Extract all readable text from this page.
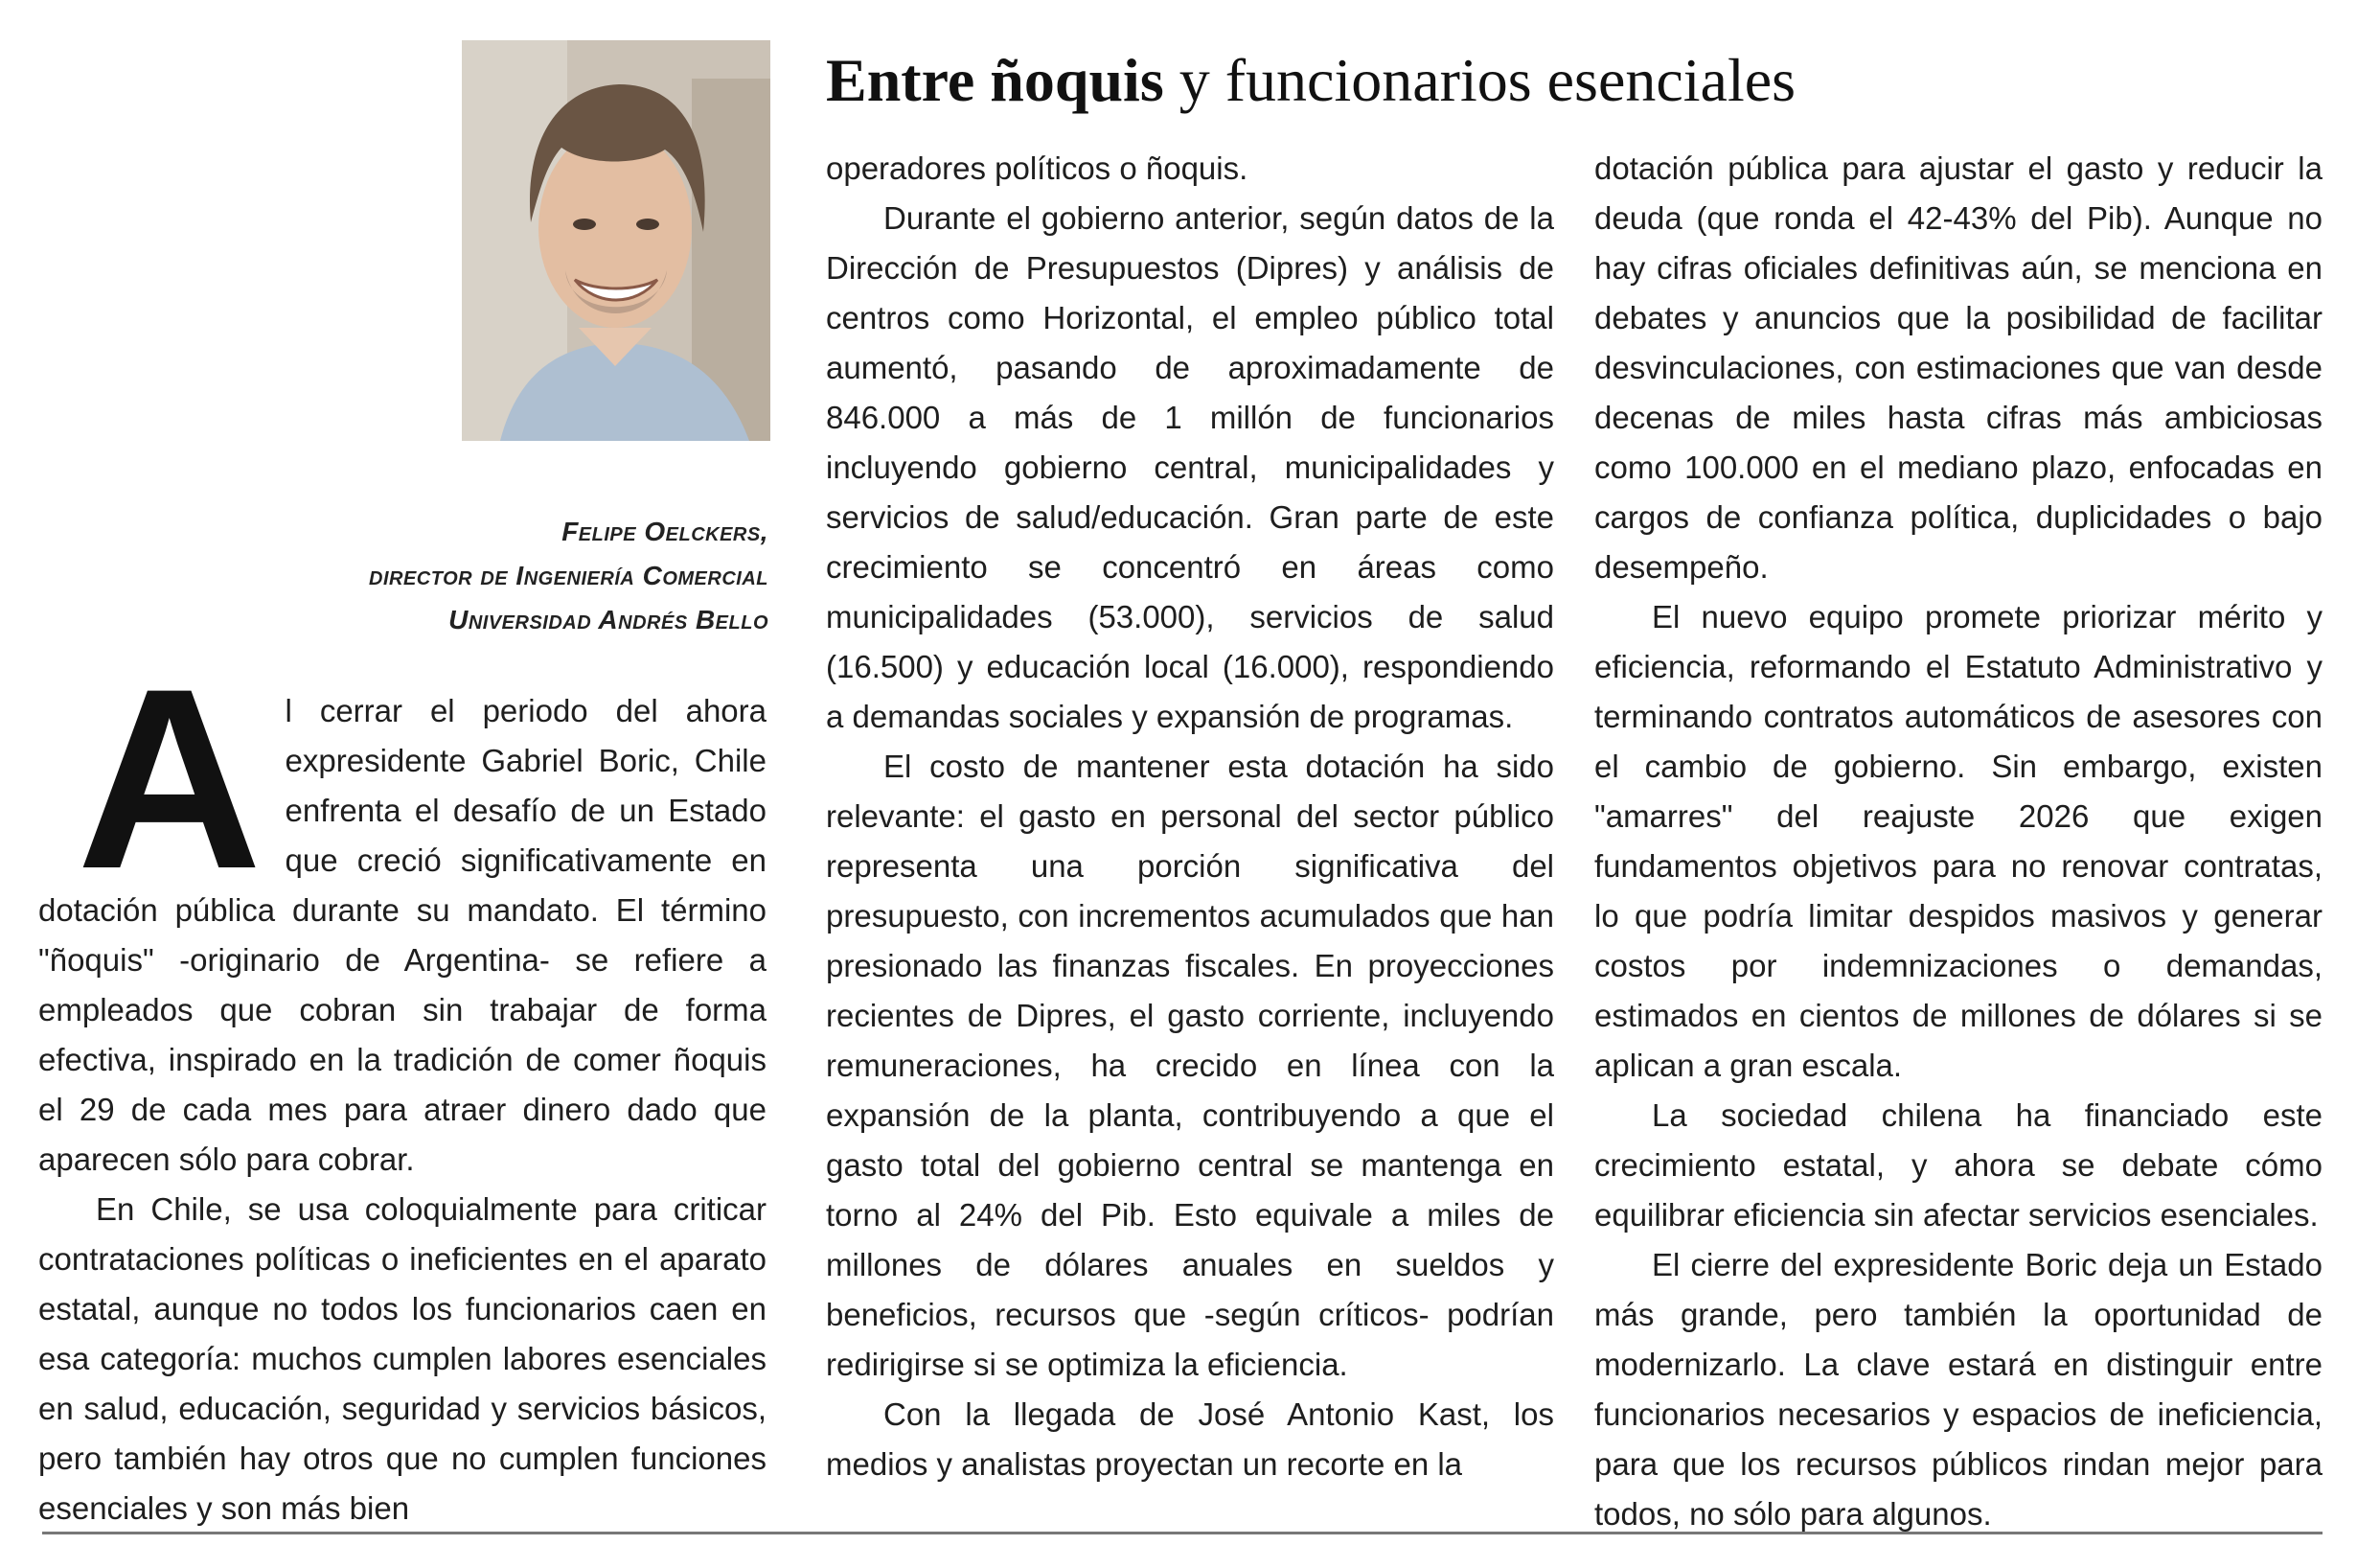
Felipe Oelckers,
director de Ingeniería Comercial
Universidad Andrés Bello
Entre ñoquis y funcionarios esenciales
A l cerrar el periodo del ahora expresidente Gabriel Boric, Chile enfrenta el desafío de un Estado que creció significativamente en dotación pública durante su mandato. El término "ñoquis" -originario de Argentina- se refiere a empleados que cobran sin trabajar de forma efectiva, inspirado en la tradición de comer ñoquis el 29 de cada mes para atraer dinero dado que aparecen sólo para cobrar.

En Chile, se usa coloquialmente para criticar contrataciones políticas o ineficientes en el aparato estatal, aunque no todos los funcionarios caen en esa categoría: muchos cumplen labores esenciales en salud, educación, seguridad y servicios básicos, pero también hay otros que no cumplen funciones esenciales y son más bien

operadores políticos o ñoquis.

Durante el gobierno anterior, según datos de la Dirección de Presupuestos (Dipres) y análisis de centros como Horizontal, el empleo público total aumentó, pasando de aproximadamente de 846.000 a más de 1 millón de funcionarios incluyendo gobierno central, municipalidades y servicios de salud/educación. Gran parte de este crecimiento se concentró en áreas como municipalidades (53.000), servicios de salud (16.500) y educación local (16.000), respondiendo a demandas sociales y expansión de programas.

El costo de mantener esta dotación ha sido relevante: el gasto en personal del sector público representa una porción significativa del presupuesto, con incrementos acumulados que han presionado las finanzas fiscales. En proyecciones recientes de Dipres, el gasto corriente, incluyendo remuneraciones, ha crecido en línea con la expansión de la planta, contribuyendo a que el gasto total del gobierno central se mantenga en torno al 24% del Pib. Esto equivale a miles de millones de dólares anuales en sueldos y beneficios, recursos que -según críticos- podrían redirigirse si se optimiza la eficiencia.

Con la llegada de José Antonio Kast, los medios y analistas proyectan un recorte en la

dotación pública para ajustar el gasto y reducir la deuda (que ronda el 42-43% del Pib). Aunque no hay cifras oficiales definitivas aún, se menciona en debates y anuncios que la posibilidad de facilitar desvinculaciones, con estimaciones que van desde decenas de miles hasta cifras más ambiciosas como 100.000 en el mediano plazo, enfocadas en cargos de confianza política, duplicidades o bajo desempeño.

El nuevo equipo promete priorizar mérito y eficiencia, reformando el Estatuto Administrativo y terminando contratos automáticos de asesores con el cambio de gobierno. Sin embargo, existen "amarres" del reajuste 2026 que exigen fundamentos objetivos para no renovar contratas, lo que podría limitar despidos masivos y generar costos por indemnizaciones o demandas, estimados en cientos de millones de dólares si se aplican a gran escala.

La sociedad chilena ha financiado este crecimiento estatal, y ahora se debate cómo equilibrar eficiencia sin afectar servicios esenciales.

El cierre del expresidente Boric deja un Estado más grande, pero también la oportunidad de modernizarlo. La clave estará en distinguir entre funcionarios necesarios y espacios de ineficiencia, para que los recursos públicos rindan mejor para todos, no sólo para algunos.
